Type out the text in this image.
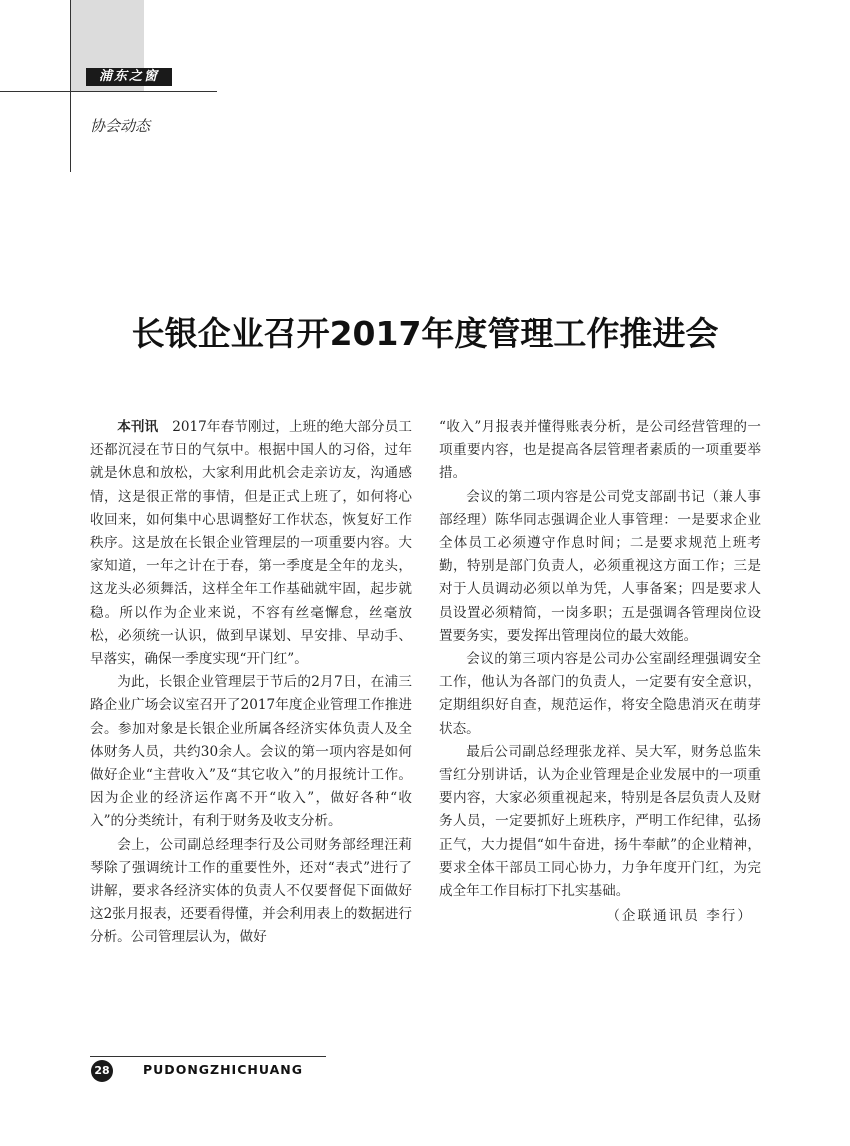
浦东之窗
协会动态
长银企业召开2017年度管理工作推进会

本刊讯 2017年春节刚过，上班的绝大部分员工还都沉浸在节日的气氛中。根据中国人的习俗，过年就是休息和放松，大家利用此机会走亲访友，沟通感情，这是很正常的事情，但是正式上班了，如何将心收回来，如何集中心思调整好工作状态，恢复好工作秩序。这是放在长银企业管理层的一项重要内容。大家知道，一年之计在于春，第一季度是全年的龙头，这龙头必须舞活，这样全年工作基础就牢固，起步就稳。所以作为企业来说，不容有丝毫懈怠，丝毫放松，必须统一认识，做到早谋划、早安排、早动手、早落实，确保一季度实现“开门红”。

为此，长银企业管理层于节后的2月7日，在浦三路企业广场会议室召开了2017年度企业管理工作推进会。参加对象是长银企业所属各经济实体负责人及全体财务人员，共约30余人。会议的第一项内容是如何做好企业“主营收入”及“其它收入”的月报统计工作。因为企业的经济运作离不开“收入”，做好各种“收入”的分类统计，有利于财务及收支分析。

会上，公司副总经理李行及公司财务部经理汪莉琴除了强调统计工作的重要性外，还对“表式”进行了讲解，要求各经济实体的负责人不仅要督促下面做好这2张月报表，还要看得懂，并会利用表上的数据进行分析。公司管理层认为，做好

“收入”月报表并懂得账表分析，是公司经营管理的一项重要内容，也是提高各层管理者素质的一项重要举措。

会议的第二项内容是公司党支部副书记（兼人事部经理）陈华同志强调企业人事管理：一是要求企业全体员工必须遵守作息时间；二是要求规范上班考勤，特别是部门负责人，必须重视这方面工作；三是对于人员调动必须以单为凭，人事备案；四是要求人员设置必须精简，一岗多职；五是强调各管理岗位设置要务实，要发挥出管理岗位的最大效能。

会议的第三项内容是公司办公室副经理强调安全工作，他认为各部门的负责人，一定要有安全意识，定期组织好自查，规范运作，将安全隐患消灭在萌芽状态。

最后公司副总经理张龙祥、吴大军，财务总监朱雪红分别讲话，认为企业管理是企业发展中的一项重要内容，大家必须重视起来，特别是各层负责人及财务人员，一定要抓好上班秩序，严明工作纪律，弘扬正气，大力提倡“如牛奋进，扬牛奉献”的企业精神，要求全体干部员工同心协力，力争年度开门红，为完成全年工作目标打下扎实基础。

（企联通讯员 李行）

28	PUDONGZHICHUANG
